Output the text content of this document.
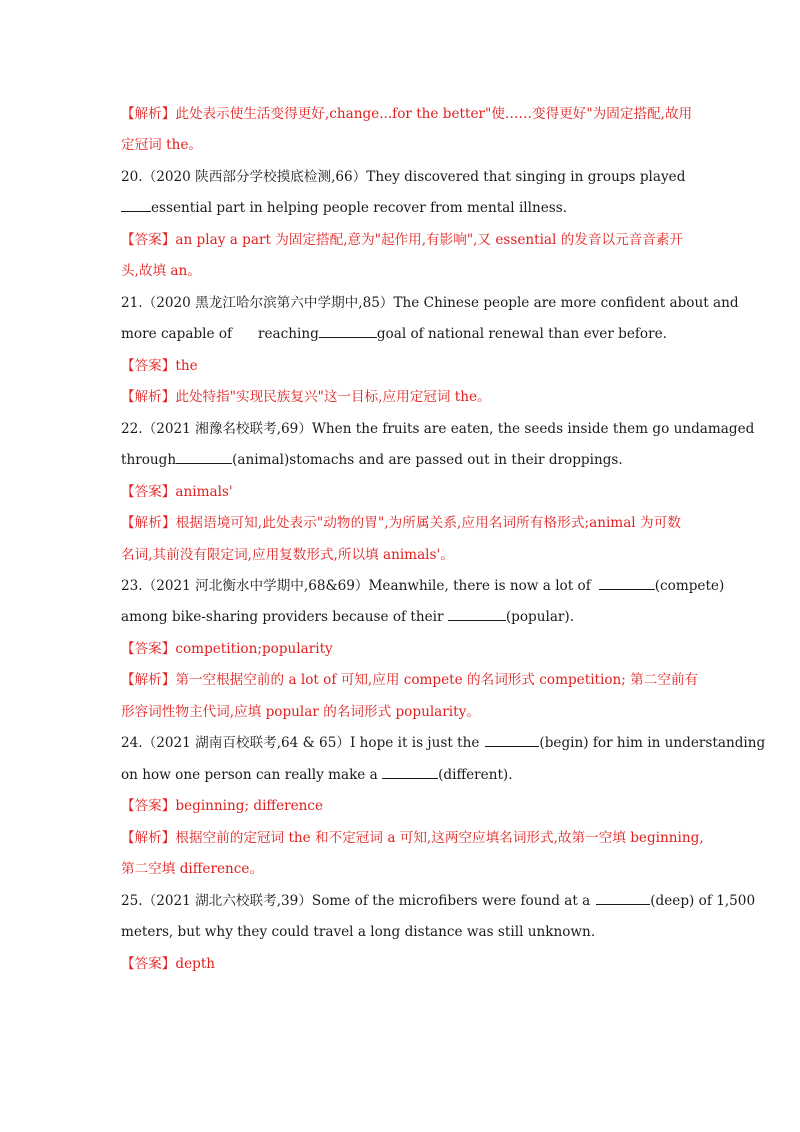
【解析】此处表示使生活变得更好,change...for the better"使……变得更好"为固定搭配,故用
定冠词 the。
20.（2020 陕西部分学校摸底检测,66）They discovered that singing in groups played
essential part in helping people recover from mental illness.
【答案】an play a part 为固定搭配,意为"起作用,有影响",又 essential 的发音以元音音素开
头,故填 an。
21.（2020 黑龙江哈尔滨第六中学期中,85）The Chinese people are more confident about and
more capable of      reaching	goal of national renewal than ever before.
【答案】the
【解析】此处特指"实现民族复兴"这一目标,应用定冠词 the。
22.（2021 湘豫名校联考,69）When the fruits are eaten, the seeds inside them go undamaged
through	(animal)stomachs and are passed out in their droppings.
【答案】animals'
【解析】根据语境可知,此处表示"动物的胃",为所属关系,应用名词所有格形式;animal 为可数
名词,其前没有限定词,应用复数形式,所以填 animals'。
23.（2021 河北衡水中学期中,68&69）Meanwhile, there is now a lot of	(compete)
among bike-sharing providers because of their	(popular).
【答案】competition;popularity
【解析】第一空根据空前的 a lot of 可知,应用 compete 的名词形式 competition; 第二空前有
形容词性物主代词,应填 popular 的名词形式 popularity。
24.（2021 湖南百校联考,64 & 65）I hope it is just the	(begin) for him in understanding
on how one person can really make a	(different).
【答案】beginning; difference
【解析】根据空前的定冠词 the 和不定冠词 a 可知,这两空应填名词形式,故第一空填 beginning,
第二空填 difference。
25.（2021 湖北六校联考,39）Some of the microfibers were found at a	(deep) of 1,500
meters, but why they could travel a long distance was still unknown.
【答案】depth
